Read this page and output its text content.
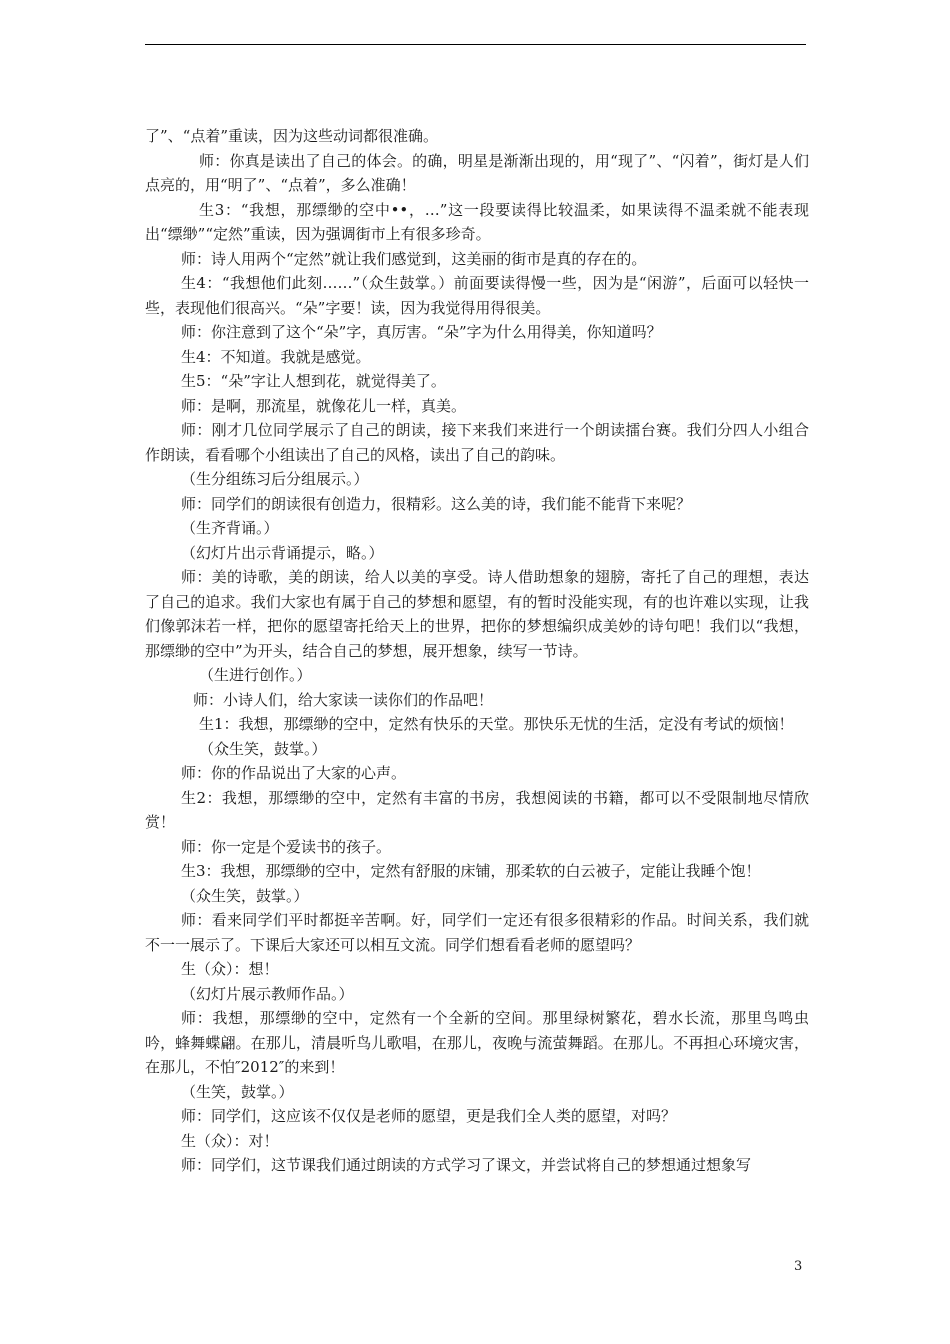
了”、“点着”重读，因为这些动词都很准确。

师：你真是读出了自己的体会。的确，明星是渐渐出现的，用“现了”、“闪着”，街灯是人们点亮的，用“明了”、“点着”，多么准确！

生3：“我想，那缥缈的空中••，…”这一段要读得比较温柔，如果读得不温柔就不能表现出“缥缈”“定然”重读，因为强调街市上有很多珍奇。

师：诗人用两个“定然”就让我们感觉到，这美丽的街市是真的存在的。

生4：“我想他们此刻……”（众生鼓掌。）前面要读得慢一些，因为是“闲游”，后面可以轻快一些，表现他们很高兴。“朵”字要！读，因为我觉得用得很美。

师：你注意到了这个“朵”字，真厉害。“朵”字为什么用得美，你知道吗？

生4：不知道。我就是感觉。

生5：“朵”字让人想到花，就觉得美了。

师：是啊，那流星，就像花儿一样，真美。

师：刚才几位同学展示了自己的朗读，接下来我们来进行一个朗读擂台赛。我们分四人小组合作朗读，看看哪个小组读出了自己的风格，读出了自己的韵味。

（生分组练习后分组展示。）

师：同学们的朗读很有创造力，很精彩。这么美的诗，我们能不能背下来呢？

（生齐背诵。）

（幻灯片出示背诵提示，略。）

师：美的诗歌，美的朗读，给人以美的享受。诗人借助想象的翅膀，寄托了自己的理想，表达了自己的追求。我们大家也有属于自己的梦想和愿望，有的暂时没能实现，有的也许难以实现，让我们像郭沫若一样，把你的愿望寄托给天上的世界，把你的梦想编织成美妙的诗句吧！我们以“我想，那缥缈的空中”为开头，结合自己的梦想，展开想象，续写一节诗。

（生进行创作。）

师：小诗人们，给大家读一读你们的作品吧！

生1：我想，那缥缈的空中，定然有快乐的天堂。那快乐无忧的生活，定没有考试的烦恼！

（众生笑，鼓掌。）

师：你的作品说出了大家的心声。

生2：我想，那缥缈的空中，定然有丰富的书房，我想阅读的书籍，都可以不受限制地尽情欣赏！

师：你一定是个爱读书的孩子。

生3：我想，那缥缈的空中，定然有舒服的床铺，那柔软的白云被子，定能让我睡个饱！

（众生笑，鼓掌。）

师：看来同学们平时都挺辛苦啊。好，同学们一定还有很多很精彩的作品。时间关系，我们就不一一展示了。下课后大家还可以相互文流。同学们想看看老师的愿望吗？

生（众）：想！

（幻灯片展示教师作品。）

师：我想，那缥缈的空中，定然有一个全新的空间。那里绿树繁花，碧水长流，那里鸟鸣虫吟，蜂舞蝶翩。在那儿，清晨听鸟儿歌唱，在那儿，夜晚与流萤舞蹈。在那儿。不再担心环境灾害，在那儿，不怕″2012″的来到！

（生笑，鼓掌。）

师：同学们，这应该不仅仅是老师的愿望，更是我们全人类的愿望，对吗？

生（众）：对！

师：同学们，这节课我们通过朗读的方式学习了课文，并尝试将自己的梦想通过想象写

3
